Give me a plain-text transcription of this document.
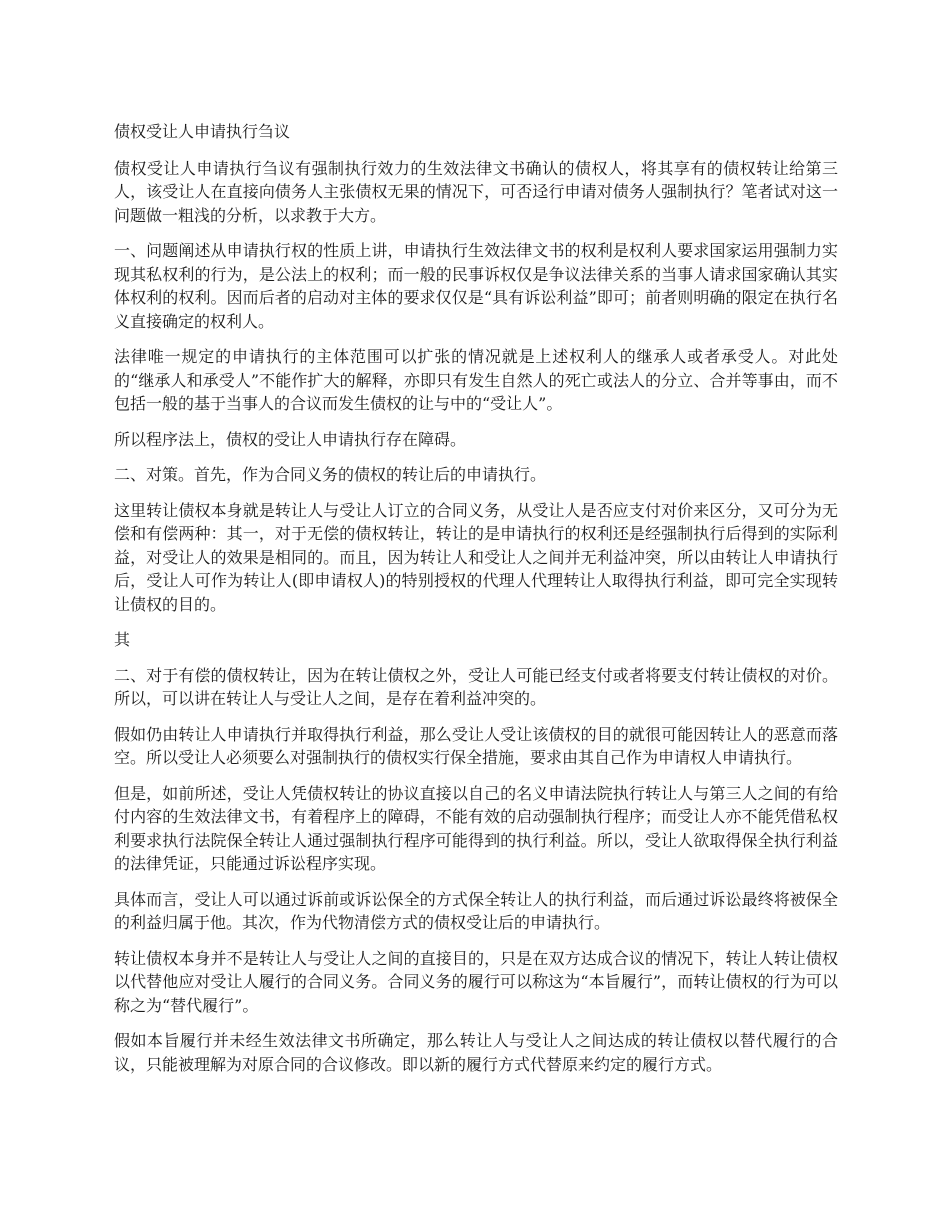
债权受让人申请执行刍议

债权受让人申请执行刍议有强制执行效力的生效法律文书确认的债权人，将其享有的债权转让给第三人，该受让人在直接向债务人主张债权无果的情况下，可否迳行申请对债务人强制执行？笔者试对这一问题做一粗浅的分析，以求教于大方。

一、问题阐述从申请执行权的性质上讲，申请执行生效法律文书的权利是权利人要求国家运用强制力实现其私权利的行为，是公法上的权利；而一般的民事诉权仅是争议法律关系的当事人请求国家确认其实体权利的权利。因而后者的启动对主体的要求仅仅是“具有诉讼利益”即可；前者则明确的限定在执行名义直接确定的权利人。

法律唯一规定的申请执行的主体范围可以扩张的情况就是上述权利人的继承人或者承受人。对此处的“继承人和承受人”不能作扩大的解释，亦即只有发生自然人的死亡或法人的分立、合并等事由，而不包括一般的基于当事人的合议而发生债权的让与中的“受让人”。

所以程序法上，债权的受让人申请执行存在障碍。

二、对策。首先，作为合同义务的债权的转让后的申请执行。

这里转让债权本身就是转让人与受让人订立的合同义务，从受让人是否应支付对价来区分，又可分为无偿和有偿两种：其一，对于无偿的债权转让，转让的是申请执行的权利还是经强制执行后得到的实际利益，对受让人的效果是相同的。而且，因为转让人和受让人之间并无利益冲突，所以由转让人申请执行后，受让人可作为转让人(即申请权人)的特别授权的代理人代理转让人取得执行利益，即可完全实现转让债权的目的。

其

二、对于有偿的债权转让，因为在转让债权之外，受让人可能已经支付或者将要支付转让债权的对价。所以，可以讲在转让人与受让人之间，是存在着利益冲突的。

假如仍由转让人申请执行并取得执行利益，那么受让人受让该债权的目的就很可能因转让人的恶意而落空。所以受让人必须要么对强制执行的债权实行保全措施，要求由其自己作为申请权人申请执行。

但是，如前所述，受让人凭债权转让的协议直接以自己的名义申请法院执行转让人与第三人之间的有给付内容的生效法律文书，有着程序上的障碍，不能有效的启动强制执行程序；而受让人亦不能凭借私权利要求执行法院保全转让人通过强制执行程序可能得到的执行利益。所以，受让人欲取得保全执行利益的法律凭证，只能通过诉讼程序实现。

具体而言，受让人可以通过诉前或诉讼保全的方式保全转让人的执行利益，而后通过诉讼最终将被保全的利益归属于他。其次，作为代物清偿方式的债权受让后的申请执行。

转让债权本身并不是转让人与受让人之间的直接目的，只是在双方达成合议的情况下，转让人转让债权以代替他应对受让人履行的合同义务。合同义务的履行可以称这为“本旨履行”，而转让债权的行为可以称之为“替代履行”。

假如本旨履行并未经生效法律文书所确定，那么转让人与受让人之间达成的转让债权以替代履行的合议，只能被理解为对原合同的合议修改。即以新的履行方式代替原来约定的履行方式。
